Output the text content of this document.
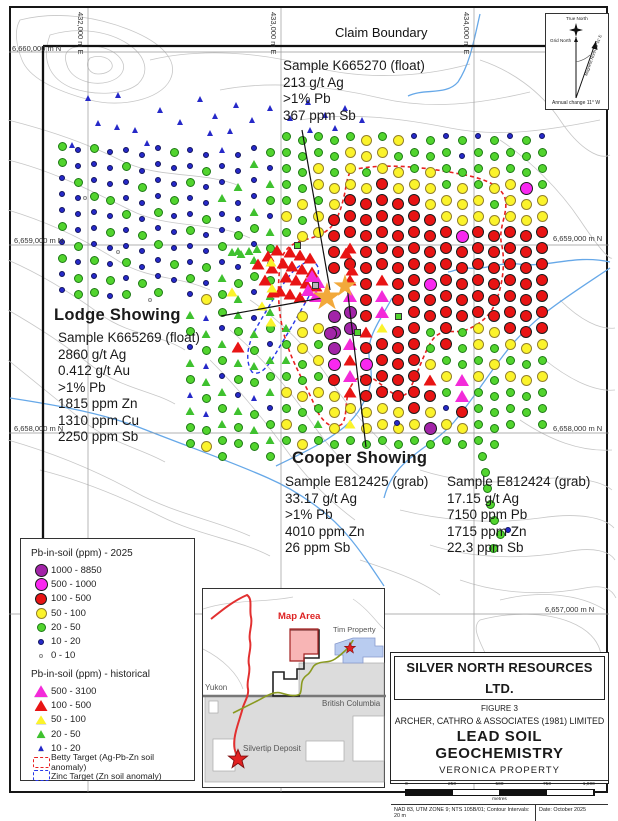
6,660,000 m N
6,659,000 m N	6,659,000 m N
6,658,000 m N	6,658,000 m N
6,657,000 m N
432,000 m E	433,000 m E	434,000 m E
Claim Boundary
Sample K665270 (float)
213 g/t Ag
>1% Pb
367 ppm Sb
Lodge Showing
Sample K665269 (float)
2860 g/t Ag
0.412 g/t Au
>1% Pb
1815 ppm Zn
1310 ppm Cu
2250 ppm Sb
Cooper Showing
Sample E812425 (grab)
33.17 g/t Ag
>1% Pb
4010 ppm Zn
26 ppm Sb
Sample E812424 (grab)
17.15 g/t Ag
7150 ppm Pb
1715 ppm Zn
22.3 ppm Sb
Pb-in-soil (ppm) - 2025
1000 - 8850
500 - 1000
100 - 500
50 - 100
20 - 50
10 - 20
0 - 10
Pb-in-soil (ppm) - historical
500 - 3100
100 - 500
50 - 100
20 - 50
10 - 20
Betty Target (Ag-Pb-Zn soil anomaly)
Zinc Target (Zn soil anomaly)
Map Area
Tim Property
Yukon
British Columbia
Silvertip Deposit
Magnetic North 19°41' E
True North
Grid North
Annual change 11° W
SILVER NORTH RESOURCES LTD.
FIGURE 3
ARCHER, CATHRO & ASSOCIATES (1981) LIMITED
LEAD SOIL GEOCHEMISTRY
VERONICA PROPERTY
0	250	500	750	1,000
metres
NAD 83, UTM ZONE 9; NTS 105B/01; Contour Intervals: 20 m
Date: October 2025
